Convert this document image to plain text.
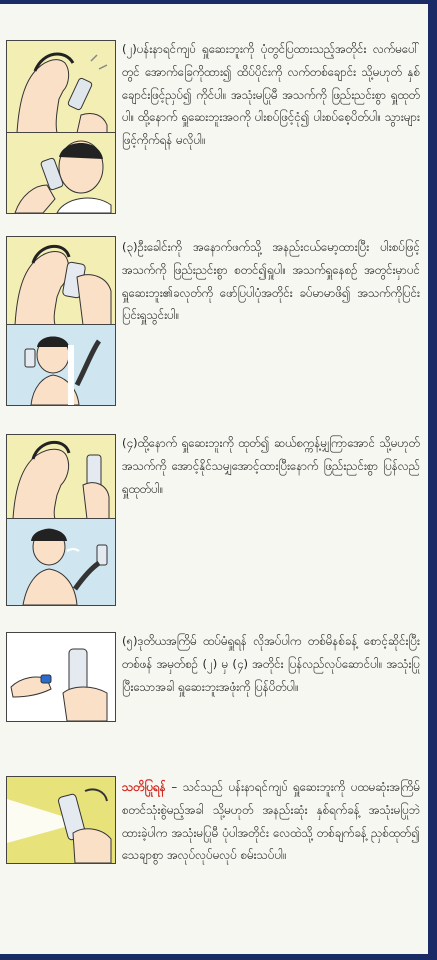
(၂)ပန်းနာရင်ကျပ် ရှူဆေးဘူးကို ပုံတွင်ပြထားသည့်အတိုင်း လက်မပေါ်တွင် အောက်ခြေကိုထား၍ ထိပ်ပိုင်းကို လက်တစ်ချောင်း သို့မဟုတ် နှစ်ချောင်းဖြင့်ညှပ်၍ ကိုင်ပါ။ အသုံးမပြုမီ အသက်ကို ဖြည်းညင်းစွာ ရှူထုတ်ပါ။ ထို့နောက် ရှူဆေးဘူးအဝကို ပါးစပ်ဖြင့်ငုံ၍ ပါးစပ်စေ့ပိတ်ပါ။ သွားများဖြင့်ကိုက်ရန် မလိုပါ။
(၃)ဦးခေါင်းကို အနောက်ဖက်သို့ အနည်းငယ်မော့ထားပြီး ပါးစပ်ဖြင့် အသက်ကို ဖြည်းညင်းစွာ စတင်၍ရှူပါ။ အသက်ရှူနေစဉ် အတွင်းမှာပင် ရှူဆေးဘူး၏ခလုတ်ကို ဖော်ပြပါပုံအတိုင်း ခပ်မာမာဖိ၍ အသက်ကိုပြင်းပြင်းရှူသွင်းပါ။
(၄)ထို့နောက် ရှူဆေးဘူးကို ထုတ်၍ ဆယ်စက္ကန့်မျှကြာအောင် သို့မဟုတ် အသက်ကို အောင့်နိုင်သမျှအောင့်ထားပြီးနောက် ဖြည်းညင်းစွာ ပြန်လည်ရှူထုတ်ပါ။
(၅)ဒုတိယအကြိမ် ထပ်မံရှူရန် လိုအပ်ပါက တစ်မိနစ်ခန့် စောင့်ဆိုင်းပြီး တစ်ဖန် အမှတ်စဉ် (၂) မှ (၄) အတိုင်း ပြန်လည်လုပ်ဆောင်ပါ။ အသုံးပြုပြီးသောအခါ ရှူဆေးဘူးအဖုံးကို ပြန်ပိတ်ပါ။
သတိပြုရန် – သင်သည် ပန်းနာရင်ကျပ် ရှူဆေးဘူးကို ပထမဆုံးအကြိမ် စတင်သုံးစွဲမည့်အခါ သို့မဟုတ် အနည်းဆုံး နှစ်ရက်ခန့် အသုံးမပြုဘဲ ထားခဲ့ပါက အသုံးမပြုမီ ပုံပါအတိုင်း လေထဲသို့ တစ်ချက်ခန့် ညှစ်ထုတ်၍ သေချာစွာ အလုပ်လုပ်မလုပ် စမ်းသပ်ပါ။
